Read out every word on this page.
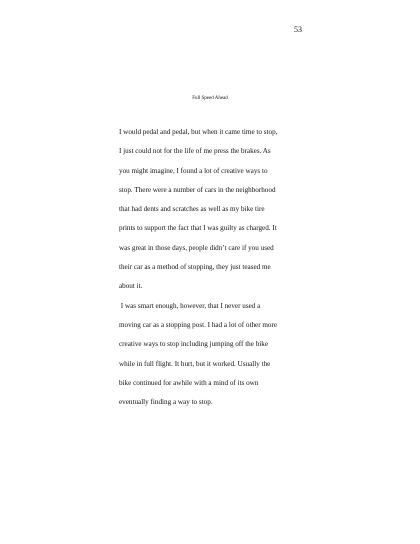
53
Full Speed Ahead
I would pedal and pedal, but when it came time to stop,
I just could not for the life of me press the brakes. As
you might imagine, I found a lot of creative ways to
stop. There were a number of cars in the neighborhood
that had dents and scratches as well as my bike tire
prints to support the fact that I was guilty as charged. It
was great in those days, people didn’t care if you used
their car as a method of stopping, they just teased me
about it.
I was smart enough, however, that I never used a
moving car as a stopping post. I had a lot of other more
creative ways to stop including jumping off the bike
while in full flight. It hurt, but it worked. Usually the
bike continued for awhile with a mind of its own
eventually finding a way to stop.
